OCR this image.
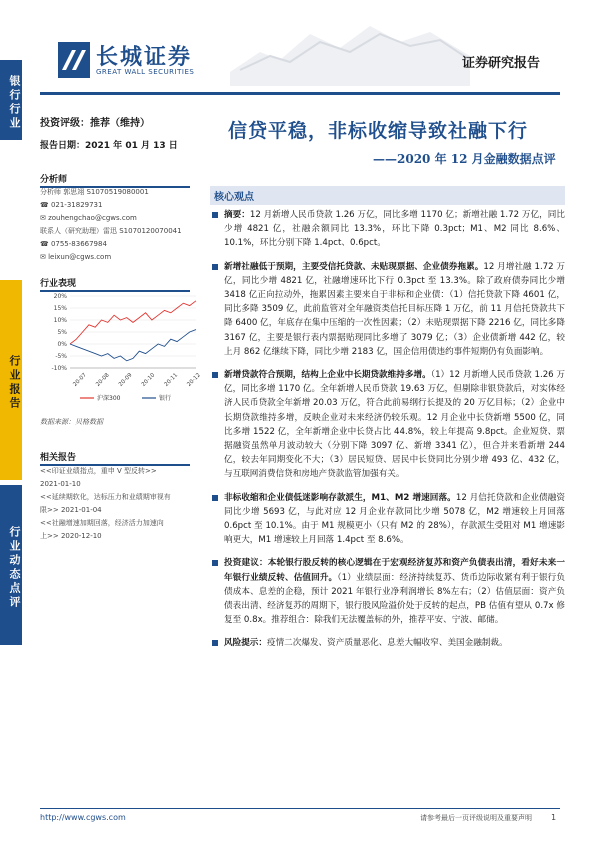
银行行业
行业报告
行业动态点评
长城证券
GREAT WALL SECURITIES
证券研究报告
投资评级：推荐（维持）
报告日期：2021 年 01 月 13 日
信贷平稳，非标收缩导致社融下行
——2020 年 12 月金融数据点评
分析师
分析师 郭思翊 S1070519080001
☎ 021-31829731
✉ zouhengchao@cgws.com
联系人（研究助理）雷迅 S1070120070041
☎ 0755-83667984
✉ leixun@cgws.com
行业表现
20%
15%
10%
5%
0%
-5%
-10%
20-07 20-08 20-09 20-10 20-11 20-12
沪深300	银行
数据来源：贝格数据
相关报告
<<印证业绩指点，重申 V 型反转>>
2021-01-10
<<延续期软化，达标压力和业绩期审视有
限>> 2021-01-04
<<社融增速加期回落，经济活力加速向
上>> 2020-12-10
核心观点
摘要：12 月新增人民币贷款 1.26 万亿，同比多增 1170 亿；新增社融 1.72 万亿，同比少增 4821 亿，社融余额同比 13.3%，环比下降 0.3pct；M1、M2 同比 8.6%、10.1%，环比分别下降 1.4pct、0.6pct。
新增社融低于预期，主要受信托贷款、未贴现票据、企业债券拖累。12 月增社融 1.72 万亿，同比少增 4821 亿，社融增速环比下行 0.3pct 至 13.3%。除了政府债券同比少增 3418 亿正向拉动外，拖累因素主要来自于非标和企业债：（1）信托贷款下降 4601 亿，同比多降 3509 亿，此前监管对全年融资类信托目标压降 1 万亿，前 11 月信托贷款共下降 6400 亿，年底存在集中压缩的一次性因素；（2）未贴现票据下降 2216 亿，同比多降 3167 亿，主要是银行表内票据贴现同比多增了 3079 亿；（3）企业债新增 442 亿，较上月 862 亿继续下降，同比少增 2183 亿，国企信用债违约事件短期仍有负面影响。
新增贷款符合预期，结构上企业中长期贷款维持多增。（1）12 月新增人民币贷款 1.26 万亿，同比多增 1170 亿。全年新增人民币贷款 19.63 万亿，但剔除非银贷款后，对实体经济人民币贷款全年新增 20.03 万亿，符合此前易纲行长提及的 20 万亿目标；（2）企业中长期贷款维持多增，反映企业对未来经济仍较乐观。12 月企业中长贷新增 5500 亿，同比多增 1522 亿，全年新增企业中长贷占比 44.8%，较上年提高 9.8pct。企业短贷、票据融资虽然单月波动较大（分别下降 3097 亿、新增 3341 亿），但合并来看新增 244 亿，较去年同期变化不大；（3）居民短贷、居民中长贷同比分别少增 493 亿、432 亿，与互联网消费信贷和房地产贷款监管加强有关。
非标收缩和企业债低迷影响存款派生，M1、M2 增速回落。12 月信托贷款和企业债融资同比少增 5693 亿，与此对应 12 月企业存款同比少增 5078 亿，M2 增速较上月回落 0.6pct 至 10.1%。由于 M1 规模更小（只有 M2 的 28%），存款派生受阻对 M1 增速影响更大，M1 增速较上月回落 1.4pct 至 8.6%。
投资建议：本轮银行股反转的核心逻辑在于宏观经济复苏和资产负债表出清，看好未来一年银行业绩反转、估值回升。（1）业绩层面：经济持续复苏、货币边际收紧有利于银行负债成本、息差的企稳，预计 2021 年银行业净利润增长 8%左右；（2）估值层面：资产负债表出清、经济复苏的周期下，银行股风险溢价处于反转的起点，PB 估值有望从 0.7x 修复至 0.8x。推荐组合：除我们无法覆盖标的外，推荐平安、宁波、邮储。
风险提示：疫情二次爆发、资产质量恶化、息差大幅收窄、美国金融制裁。
http://www.cgws.com	请参考最后一页评级说明及重要声明 1
